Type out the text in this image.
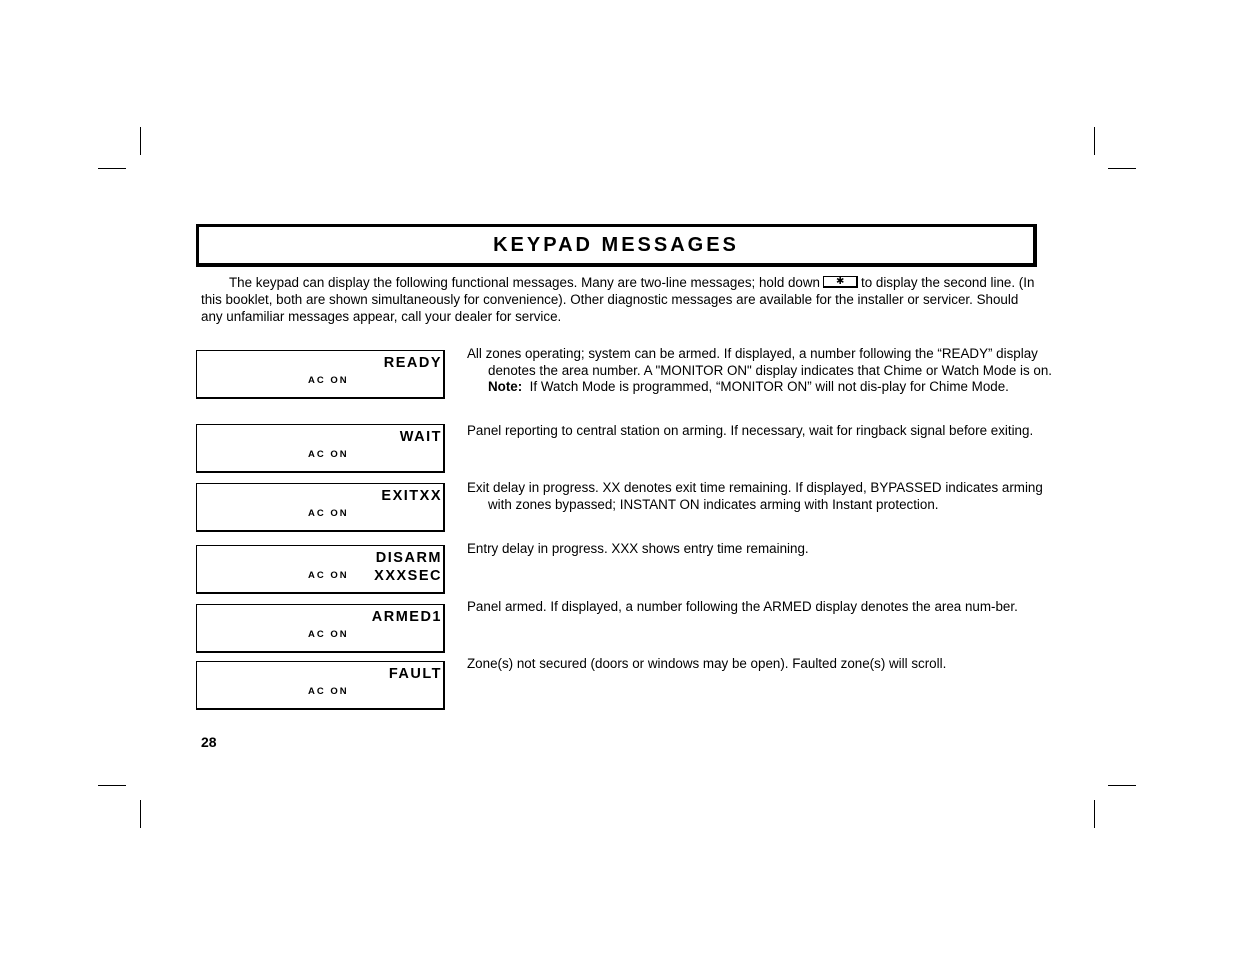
KEYPAD MESSAGES
The keypad can display the following functional messages. Many are two-line messages; hold down✱	to display the second line. (In this booklet, both are shown simultaneously for convenience). Other diagnostic messages are available for the installer or servicer. Should any unfamiliar messages appear, call your dealer for service.
READY
AC ON
WAIT
AC ON
EXITXX
AC ON
DISARM
XXXSEC
AC ON
ARMED1
AC ON
FAULT
AC ON
All zones operating; system can be armed. If displayed, a number following the “READY” display denotes the area number. A "MONITOR ON" display indicates that Chime or Watch Mode is on.  Note: If Watch Mode is programmed, “MONITOR ON” will not dis-play for Chime Mode.
Panel reporting to central station on arming. If necessary, wait for ringback signal before exiting.
Exit delay in progress. XX denotes exit time remaining. If displayed, BYPASSED indicates arming with zones bypassed; INSTANT ON indicates arming with Instant protection.
Entry delay in progress. XXX shows entry time remaining.
Panel armed. If displayed, a number following the ARMED display denotes the area num-ber.
Zone(s) not secured (doors or windows may be open). Faulted zone(s) will scroll.
28
